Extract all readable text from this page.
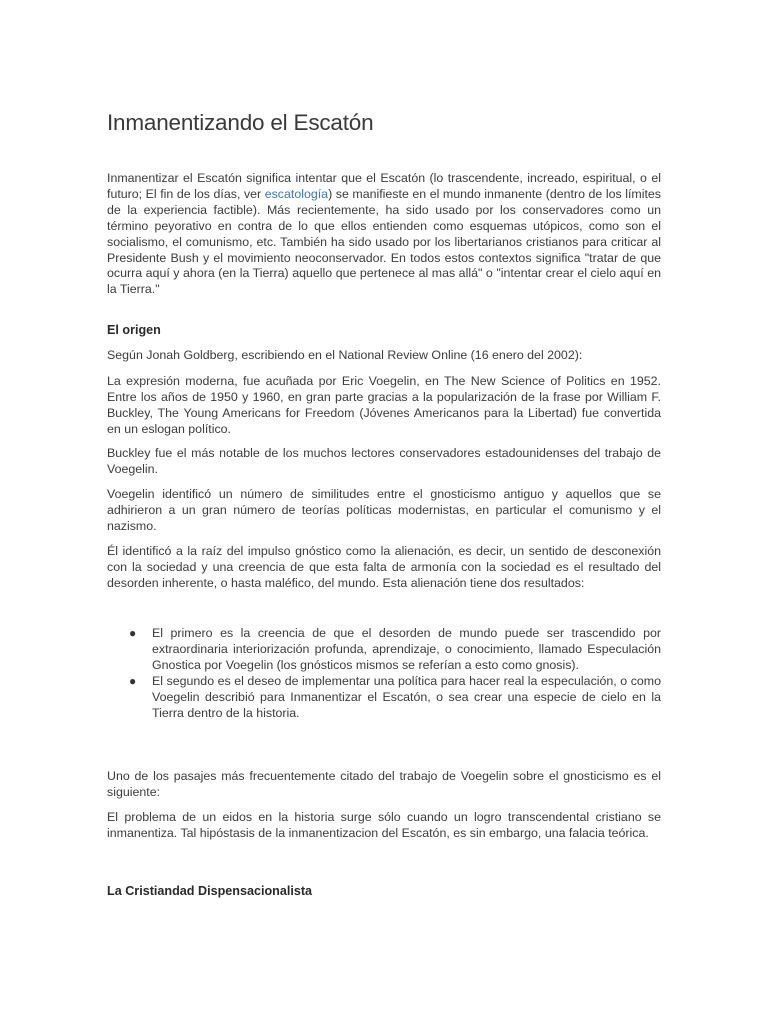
Inmanentizando el Escatón

Inmanentizar el Escatón significa intentar que el Escatón (lo trascendente, increado, espiritual, o el futuro; El fin de los días, ver escatología) se manifieste en el mundo inmanente (dentro de los límites de la experiencia factible). Más recientemente, ha sido usado por los conservadores como un término peyorativo en contra de lo que ellos entienden como esquemas utópicos, como son el socialismo, el comunismo, etc. También ha sido usado por los libertarianos cristianos para criticar al Presidente Bush y el movimiento neoconservador. En todos estos contextos significa "tratar de que ocurra aquí y ahora (en la Tierra) aquello que pertenece al mas allá" o "intentar crear el cielo aquí en la Tierra."

El origen

Según Jonah Goldberg, escribiendo en el National Review Online (16 enero del 2002):

La expresión moderna, fue acuñada por Eric Voegelin, en The New Science of Politics en 1952. Entre los años de 1950 y 1960, en gran parte gracias a la popularización de la frase por William F. Buckley, The Young Americans for Freedom (Jóvenes Americanos para la Libertad) fue convertida en un eslogan político.

Buckley fue el más notable de los muchos lectores conservadores estadounidenses del trabajo de Voegelin.

Voegelin identificó un número de similitudes entre el gnosticismo antiguo y aquellos que se adhirieron a un gran número de teorías políticas modernistas, en particular el comunismo y el nazismo.

Él identificó a la raíz del impulso gnóstico como la alienación, es decir, un sentido de desconexión con la sociedad y una creencia de que esta falta de armonía con la sociedad es el resultado del desorden inherente, o hasta maléfico, del mundo. Esta alienación tiene dos resultados:

● El primero es la creencia de que el desorden de mundo puede ser trascendido por extraordinaria interiorización profunda, aprendizaje, o conocimiento, llamado Especulación Gnostica por Voegelin (los gnósticos mismos se referían a esto como gnosis).

● El segundo es el deseo de implementar una política para hacer real la especulación, o como Voegelin describió para Inmanentizar el Escatón, o sea crear una especie de cielo en la Tierra dentro de la historia.

Uno de los pasajes más frecuentemente citado del trabajo de Voegelin sobre el gnosticismo es el siguiente:

El problema de un eidos en la historia surge sólo cuando un logro transcendental cristiano se inmanentiza. Tal hipóstasis de la inmanentizacion del Escatón, es sin embargo, una falacia teórica.

La Cristiandad Dispensacionalista
